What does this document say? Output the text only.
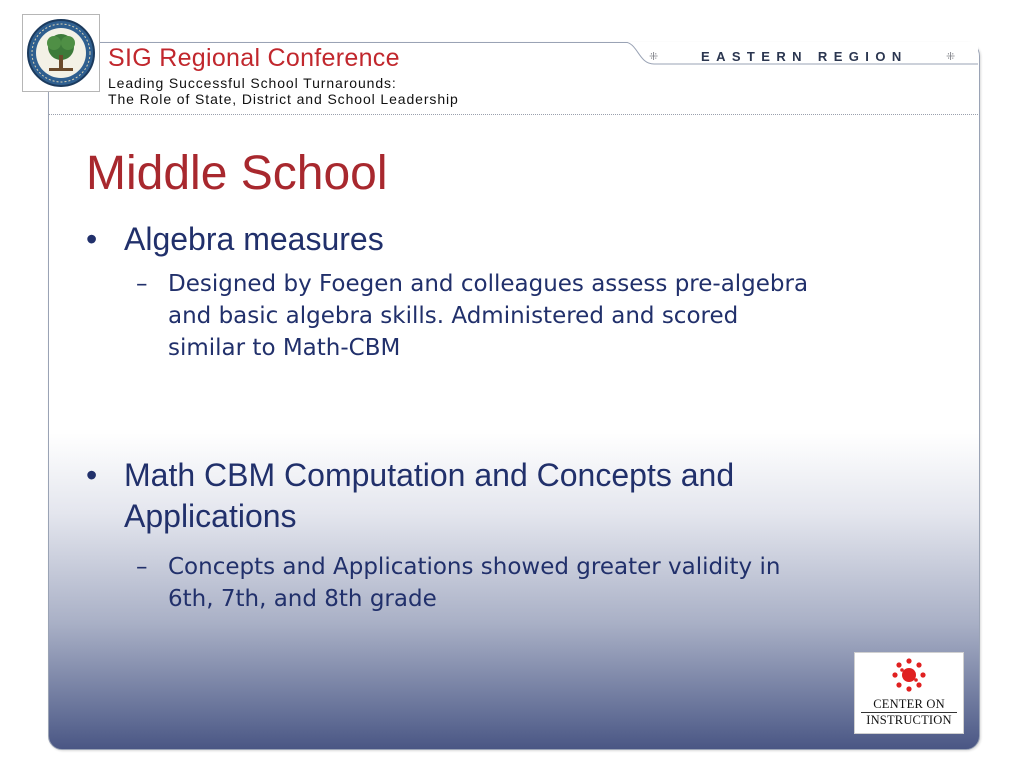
SIG Regional Conference
Leading Successful School Turnarounds:
The Role of State, District and School Leadership
⁜	EASTERN REGION	⁜
Middle School
• Algebra measures
– Designed by Foegen and colleagues assess pre-algebra
and basic algebra skills. Administered and scored
similar to Math-CBM
• Math CBM Computation and Concepts and
Applications
– Concepts and Applications showed greater validity in
6th, 7th, and 8th grade
CENTER ON
INSTRUCTION
